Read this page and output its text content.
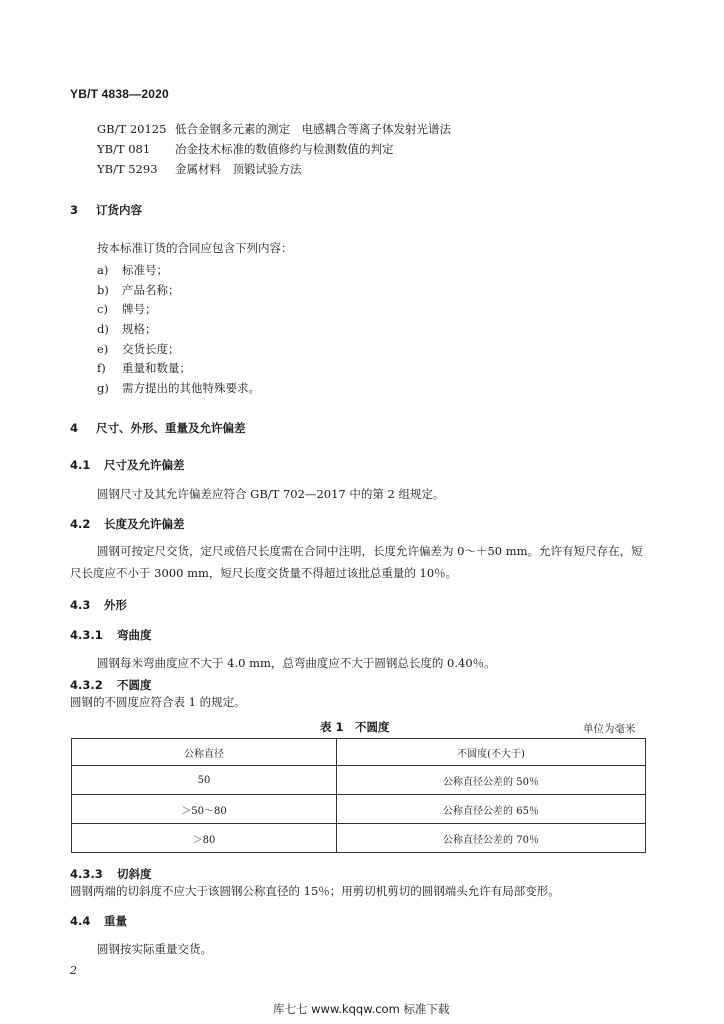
YB/T 4838—2020
GB/T 20125 低合金钢多元素的测定　电感耦合等离子体发射光谱法
YB/T 081 冶金技术标准的数值修约与检测数值的判定
YB/T 5293 金属材料　顶锻试验方法
3 订货内容
按本标准订货的合同应包含下列内容：
a) 标准号；
b) 产品名称；
c) 牌号；
d) 规格；
e) 交货长度；
f) 重量和数量；
g) 需方提出的其他特殊要求。
4 尺寸、外形、重量及允许偏差
4.1 尺寸及允许偏差
圆钢尺寸及其允许偏差应符合 GB/T 702—2017 中的第 2 组规定。
4.2 长度及允许偏差
圆钢可按定尺交货，定尺或倍尺长度需在合同中注明，长度允许偏差为 0～＋50 mm。允许有短尺存在，短尺长度应不小于 3000 mm，短尺长度交货量不得超过该批总重量的 10％。
4.3 外形
4.3.1 弯曲度
圆钢每米弯曲度应不大于 4.0 mm，总弯曲度应不大于圆钢总长度的 0.40％。
4.3.2 不圆度
圆钢的不圆度应符合表 1 的规定。
表 1　不圆度	单位为毫米
公称直径	不圆度(不大于)
50	公称直径公差的 50％
＞50～80	公称直径公差的 65％
＞80	公称直径公差的 70％
4.3.3 切斜度
圆钢两端的切斜度不应大于该圆钢公称直径的 15％；用剪切机剪切的圆钢端头允许有局部变形。
4.4 重量
圆钢按实际重量交货。
2
库七七 www.kqqw.com 标准下载
